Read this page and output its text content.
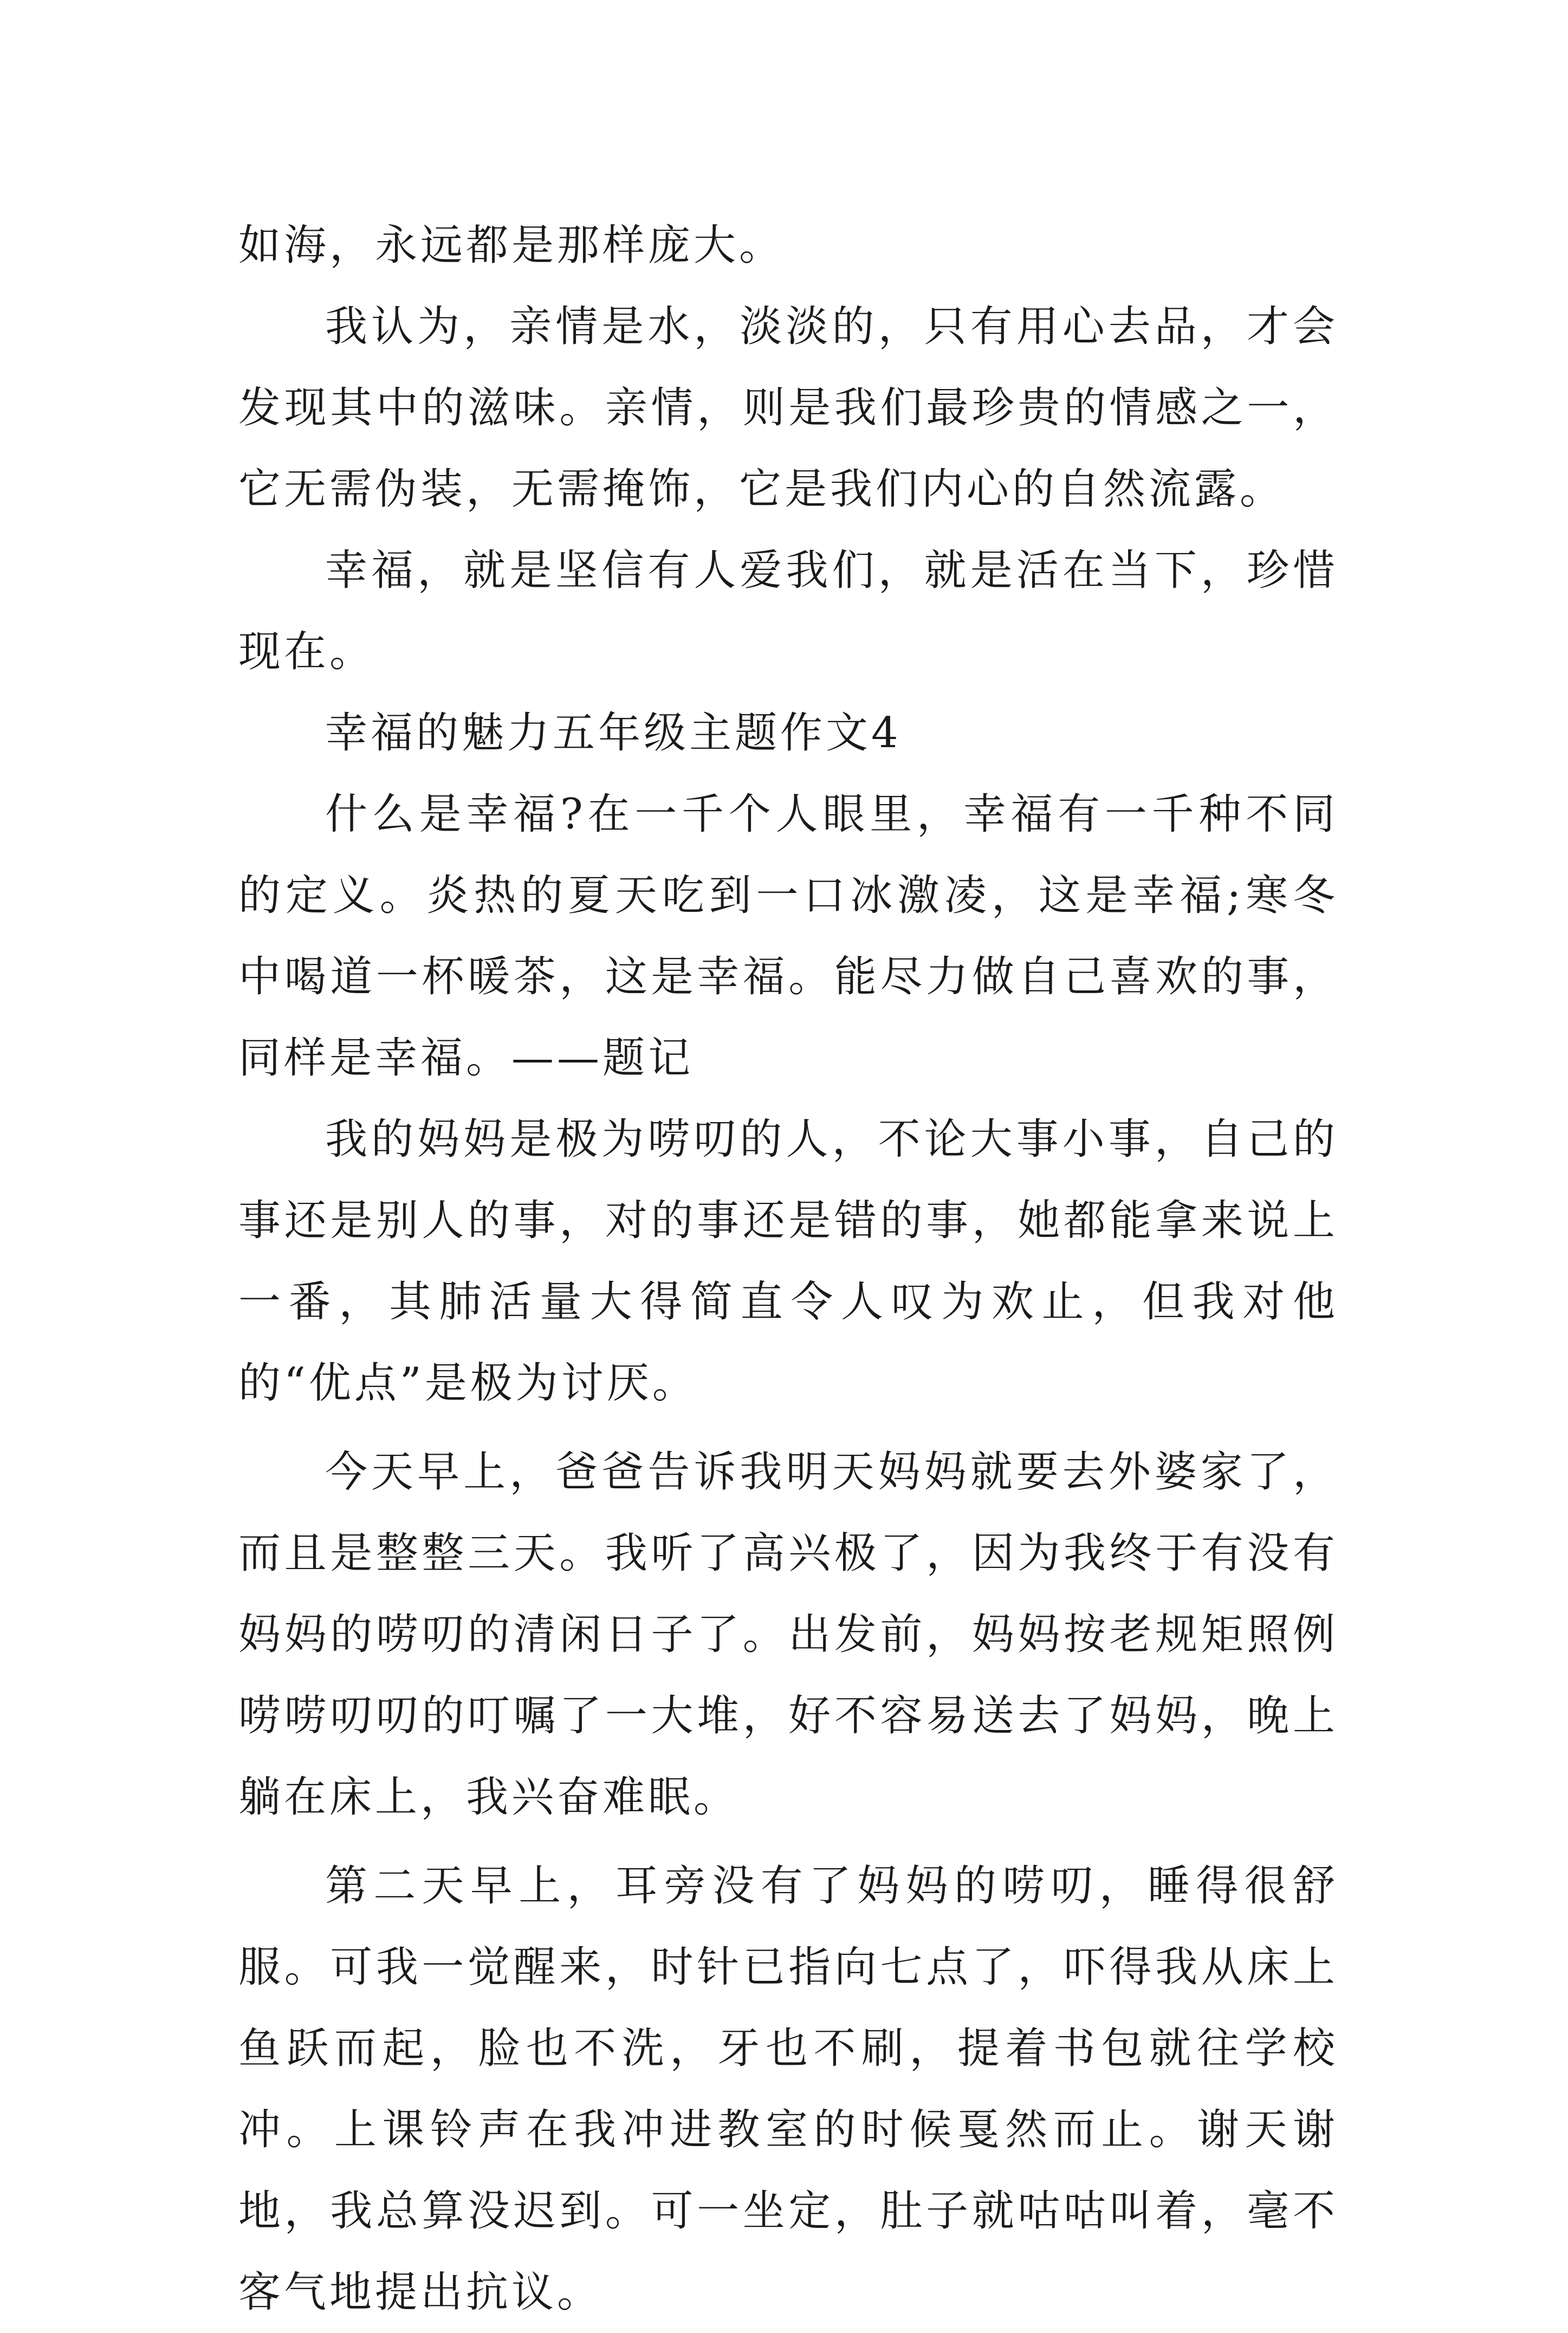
如海，永远都是那样庞大。

我认为，亲情是水，淡淡的，只有用心去品，才会发现其中的滋味。亲情，则是我们最珍贵的情感之一，它无需伪装，无需掩饰，它是我们内心的自然流露。

幸福，就是坚信有人爱我们，就是活在当下，珍惜现在。

幸福的魅力五年级主题作文4

什么是幸福?在一千个人眼里，幸福有一千种不同的定义。炎热的夏天吃到一口冰激凌，这是幸福;寒冬中喝道一杯暖茶，这是幸福。能尽力做自己喜欢的事，同样是幸福。——题记

我的妈妈是极为唠叨的人，不论大事小事，自己的事还是别人的事，对的事还是错的事，她都能拿来说上一番，其肺活量大得简直令人叹为欢止，但我对他的“优点”是极为讨厌。

今天早上，爸爸告诉我明天妈妈就要去外婆家了，而且是整整三天。我听了高兴极了，因为我终于有没有妈妈的唠叨的清闲日子了。出发前，妈妈按老规矩照例唠唠叨叨的叮嘱了一大堆，好不容易送去了妈妈，晚上躺在床上，我兴奋难眠。

第二天早上，耳旁没有了妈妈的唠叨，睡得很舒服。可我一觉醒来，时针已指向七点了，吓得我从床上鱼跃而起，脸也不洗，牙也不刷，提着书包就往学校冲。上课铃声在我冲进教室的时候戛然而止。谢天谢地，我总算没迟到。可一坐定，肚子就咕咕叫着，毫不客气地提出抗议。
